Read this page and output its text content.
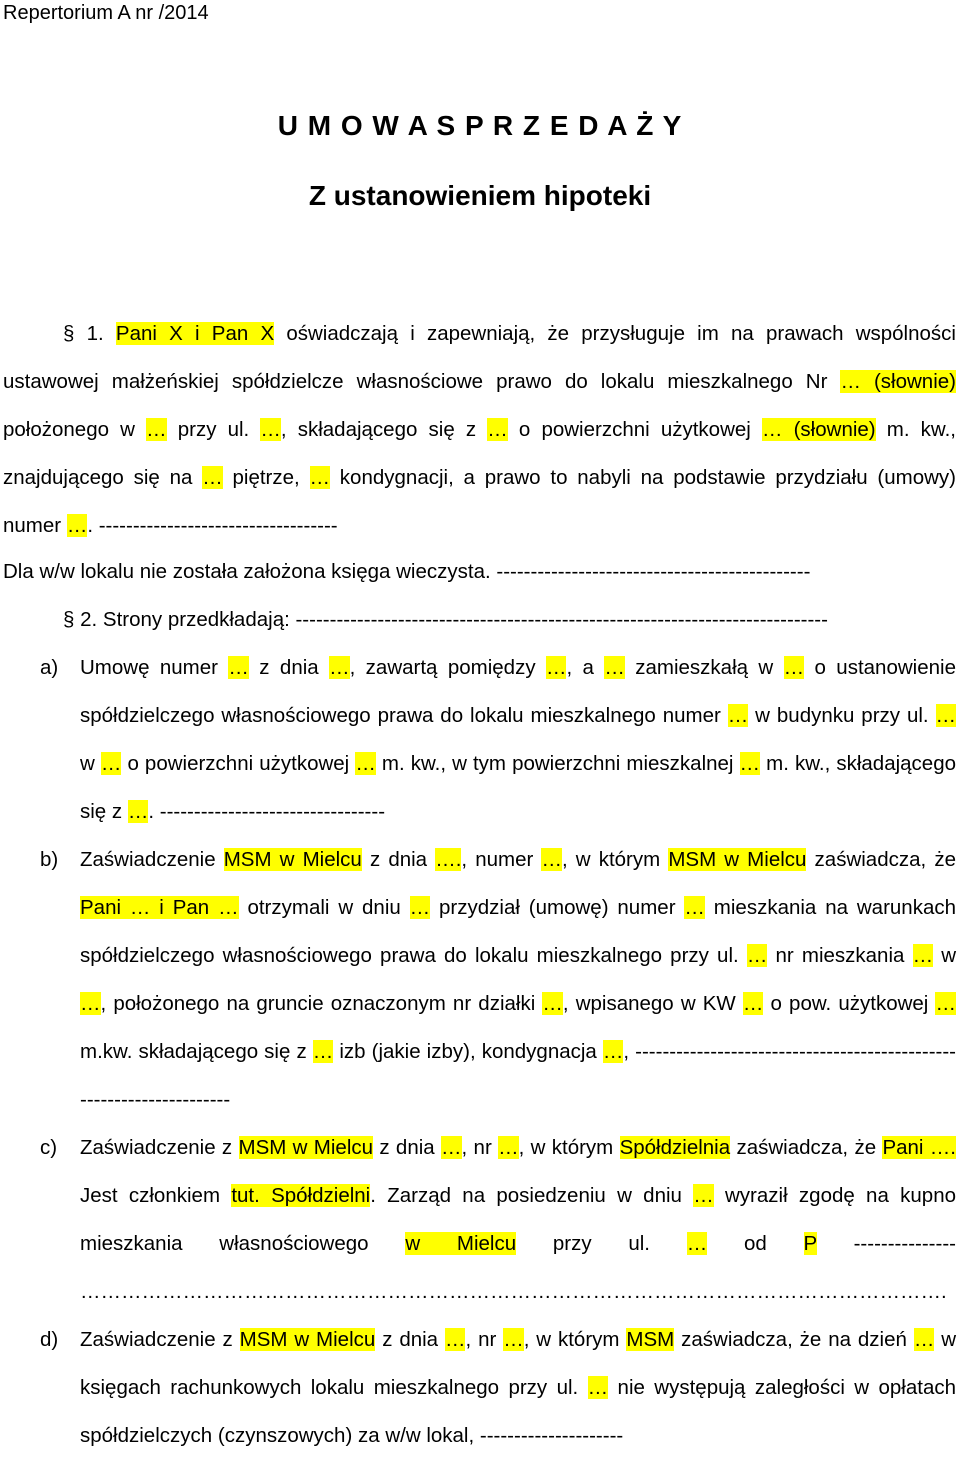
Repertorium A nr /2014
U M O W A S P R Z E D A Ż Y
Z ustanowieniem hipoteki
§ 1. Pani X i Pan X oświadczają i zapewniają, że przysługuje im na prawach wspólności ustawowej małżeńskiej spółdzielcze własnościowe prawo do lokalu mieszkalnego Nr … (słownie) położonego w … przy ul. …, składającego się z … o powierzchni użytkowej … (słownie) m. kw., znajdującego się na … piętrze, … kondygnacji, a prawo to nabyli na podstawie przydziału (umowy) numer …. -----------------------------------
Dla w/w lokalu nie została założona księga wieczysta. ----------------------------------------------
§ 2. Strony przedkładają: ------------------------------------------------------------------------------
a) Umowę numer … z dnia …, zawartą pomiędzy …, a … zamieszkałą w … o ustanowienie spółdzielczego własnościowego prawa do lokalu mieszkalnego numer … w budynku przy ul. … w … o powierzchni użytkowej … m. kw., w tym powierzchni mieszkalnej … m. kw., składającego się z …. ---------------------------------
b) Zaświadczenie MSM w Mielcu z dnia …., numer …, w którym MSM w Mielcu zaświadcza, że Pani … i Pan … otrzymali w dniu … przydział (umowę) numer … mieszkania na warunkach spółdzielczego własnościowego prawa do lokalu mieszkalnego przy ul. … nr mieszkania … w …, położonego na gruncie oznaczonym nr działki …, wpisanego w KW … o pow. użytkowej … m.kw. składającego się z … izb (jakie izby), kondygnacja …, ---------------------------------------------------------------------
c) Zaświadczenie z MSM w Mielcu z dnia …, nr …, w którym Spółdzielnia zaświadcza, że Pani …. Jest członkiem tut. Spółdzielni. Zarząd na posiedzeniu w dniu … wyraził zgodę na kupno mieszkania własnościowego w Mielcu przy ul. … od P --------------- ……………………………………………………………………………………………………………….
d) Zaświadczenie z MSM w Mielcu z dnia …, nr …, w którym MSM zaświadcza, że na dzień … w księgach rachunkowych lokalu mieszkalnego przy ul. … nie występują zaległości w opłatach spółdzielczych (czynszowych) za w/w lokal, ---------------------
